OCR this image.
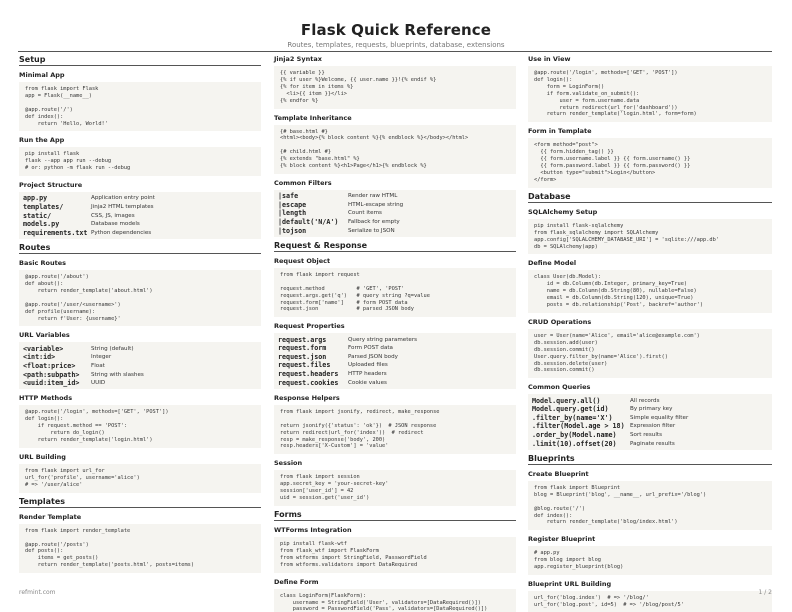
Flask Quick Reference
Routes, templates, requests, blueprints, database, extensions
Setup
Minimal App
from flask import Flask
app = Flask(__name__)

@app.route('/')
def index():
return 'Hello, World!'
Run the App
pip install flask
flask --app app run --debug
# or: python -m flask run --debug
Project Structure
app.py	Application entry point
templates/	Jinja2 HTML templates
static/	CSS, JS, images
models.py	Database models
requirements.txt Python dependencies
Routes
Basic Routes
@app.route('/about')
def about():
return render_template('about.html')

@app.route('/user/<username>')
def profile(username):
return f'User: {username}'
URL Variables
<variable>	String (default)
<int:id>	Integer
<float:price>	Float
<path:subpath>	String with slashes
<uuid:item_id>	UUID
HTTP Methods
@app.route('/login', methods=['GET', 'POST'])
def login():
if request.method == 'POST':
return do_login()
return render_template('login.html')
URL Building
from flask import url_for
url_for('profile', username='alice')
# => '/user/alice'
Templates
Render Template
from flask import render_template

@app.route('/posts')
def posts():
items = get_posts()
return render_template('posts.html', posts=items)
Jinja2 Syntax
{{ variable }}
{% if user %}Welcome, {{ user.name }}!{% endif %}
{% for item in items %}
<li>{{ item }}</li>
{% endfor %}
Template Inheritance
{# base.html #}
<html><body>{% block content %}{% endblock %}</body></html>

{# child.html #}
{% extends "base.html" %}
{% block content %}<h1>Page</h1>{% endblock %}
Common Filters
|safe	Render raw HTML
|escape	HTML-escape string
|length	Count items
|default('N/A')	Fallback for empty
|tojson	Serialize to JSON
Request & Response
Request Object
from flask import request

request.method          # 'GET', 'POST'
request.args.get('q')   # query string ?q=value
request.form['name']    # form POST data
request.json            # parsed JSON body
Request Properties
request.args	Query string parameters
request.form	Form POST data
request.json	Parsed JSON body
request.files	Uploaded files
request.headers	HTTP headers
request.cookies	Cookie values
Response Helpers
from flask import jsonify, redirect, make_response

return jsonify({'status': 'ok'})  # JSON response
return redirect(url_for('index'))  # redirect
resp = make_response('body', 200)
resp.headers['X-Custom'] = 'value'
Session
from flask import session
app.secret_key = 'your-secret-key'
session['user_id'] = 42
uid = session.get('user_id')
Forms
WTForms Integration
pip install flask-wtf
from flask_wtf import FlaskForm
from wtforms import StringField, PasswordField
from wtforms.validators import DataRequired
Define Form
class LoginForm(FlaskForm):
username = StringField('User', validators=[DataRequired()])
password = PasswordField('Pass', validators=[DataRequired()])
Use in View
@app.route('/login', methods=['GET', 'POST'])
def login():
form = LoginForm()
if form.validate_on_submit():
user = form.username.data
return redirect(url_for('dashboard'))
return render_template('login.html', form=form)
Form in Template
<form method="post">
{{ form.hidden_tag() }}
{{ form.username.label }} {{ form.username() }}
{{ form.password.label }} {{ form.password() }}
<button type="submit">Login</button>
</form>
Database
SQLAlchemy Setup
pip install flask-sqlalchemy
from flask_sqlalchemy import SQLAlchemy
app.config['SQLALCHEMY_DATABASE_URI'] = 'sqlite:///app.db'
db = SQLAlchemy(app)
Define Model
class User(db.Model):
id = db.Column(db.Integer, primary_key=True)
name = db.Column(db.String(80), nullable=False)
email = db.Column(db.String(120), unique=True)
posts = db.relationship('Post', backref='author')
CRUD Operations
user = User(name='Alice', email='alice@example.com')
db.session.add(user)
db.session.commit()
User.query.filter_by(name='Alice').first()
db.session.delete(user)
db.session.commit()
Common Queries
Model.query.all()	All records
Model.query.get(id)	By primary key
.filter_by(name='X')	Simple equality filter
.filter(Model.age > 18) Expression filter
.order_by(Model.name)	Sort results
.limit(10).offset(20)	Paginate results
Blueprints
Create Blueprint
from flask import Blueprint
blog = Blueprint('blog', __name__, url_prefix='/blog')

@blog.route('/')
def index():
return render_template('blog/index.html')
Register Blueprint
# app.py
from blog import blog
app.register_blueprint(blog)
Blueprint URL Building
url_for('blog.index')  # => '/blog/'
url_for('blog.post', id=5)  # => '/blog/post/5'
refmint.com	1 / 2
